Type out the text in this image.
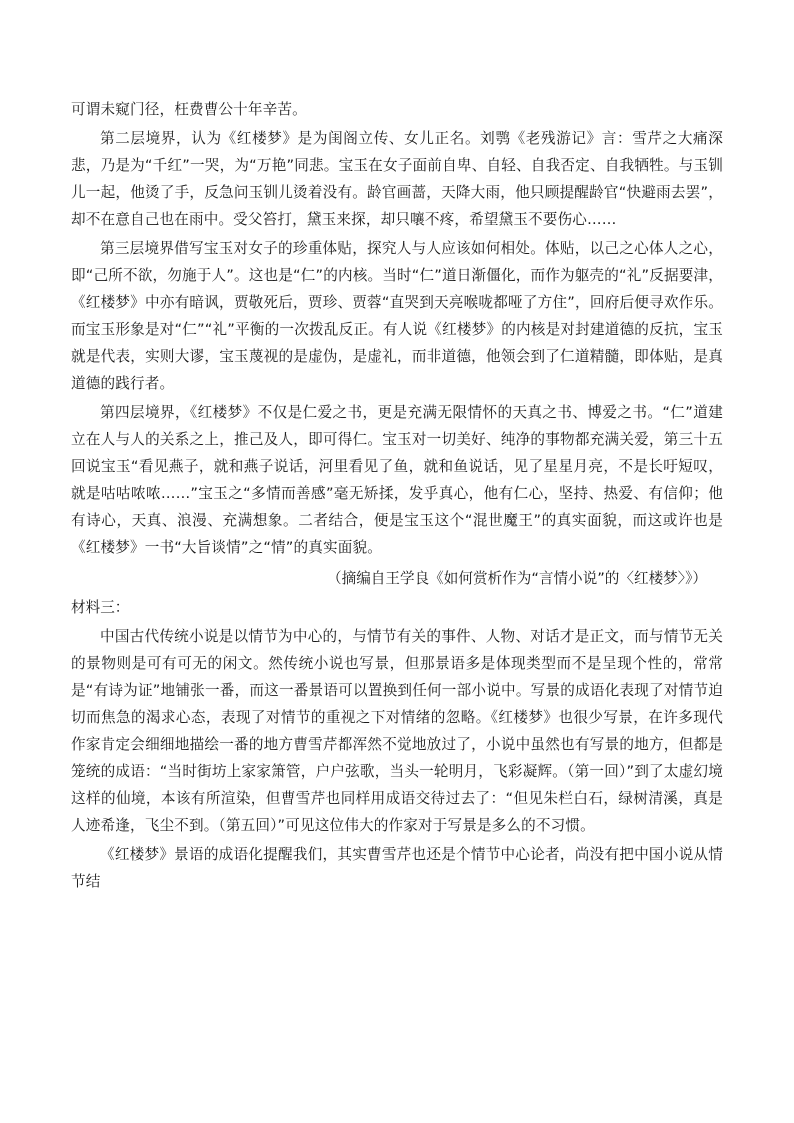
可谓未窥门径，枉费曹公十年辛苦。

第二层境界，认为《红楼梦》是为闺阁立传、女儿正名。刘鹗《老残游记》言：雪芹之大痛深悲，乃是为“千红”一哭，为“万艳”同悲。宝玉在女子面前自卑、自轻、自我否定、自我牺牲。与玉钏儿一起，他烫了手，反急问玉钏儿烫着没有。龄官画蔷，天降大雨，他只顾提醒龄官“快避雨去罢”，却不在意自己也在雨中。受父笞打，黛玉来探，却只嚷不疼，希望黛玉不要伤心……

第三层境界借写宝玉对女子的珍重体贴，探究人与人应该如何相处。体贴，以己之心体人之心，即“己所不欲，勿施于人”。这也是“仁”的内核。当时“仁”道日渐僵化，而作为躯壳的“礼”反据要津，《红楼梦》中亦有暗讽，贾敬死后，贾珍、贾蓉“直哭到天亮喉咙都哑了方住”，回府后便寻欢作乐。而宝玉形象是对“仁”“礼”平衡的一次拨乱反正。有人说《红楼梦》的内核是对封建道德的反抗，宝玉就是代表，实则大谬，宝玉蔑视的是虚伪，是虚礼，而非道德，他领会到了仁道精髓，即体贴，是真道德的践行者。

第四层境界，《红楼梦》不仅是仁爱之书，更是充满无限情怀的天真之书、博爱之书。“仁”道建立在人与人的关系之上，推己及人，即可得仁。宝玉对一切美好、纯净的事物都充满关爱，第三十五回说宝玉“看见燕子，就和燕子说话，河里看见了鱼，就和鱼说话，见了星星月亮，不是长吁短叹，就是咕咕哝哝……”宝玉之“多情而善感”毫无矫揉，发乎真心，他有仁心，坚持、热爱、有信仰；他有诗心，天真、浪漫、充满想象。二者结合，便是宝玉这个“混世魔王”的真实面貌，而这或许也是《红楼梦》一书“大旨谈情”之“情”的真实面貌。

（摘编自王学良《如何赏析作为“言情小说”的〈红楼梦〉》）

材料三：

中国古代传统小说是以情节为中心的，与情节有关的事件、人物、对话才是正文，而与情节无关的景物则是可有可无的闲文。然传统小说也写景，但那景语多是体现类型而不是呈现个性的，常常是“有诗为证”地铺张一番，而这一番景语可以置换到任何一部小说中。写景的成语化表现了对情节迫切而焦急的渴求心态，表现了对情节的重视之下对情绪的忽略。《红楼梦》也很少写景，在许多现代作家肯定会细细地描绘一番的地方曹雪芹都浑然不觉地放过了，小说中虽然也有写景的地方，但都是笼统的成语：“当时街坊上家家箫管，户户弦歌，当头一轮明月，飞彩凝辉。（第一回）”到了太虚幻境这样的仙境，本该有所渲染，但曹雪芹也同样用成语交待过去了：“但见朱栏白石，绿树清溪，真是人迹希逢，飞尘不到。（第五回）”可见这位伟大的作家对于写景是多么的不习惯。

《红楼梦》景语的成语化提醒我们，其实曹雪芹也还是个情节中心论者，尚没有把中国小说从情节结
